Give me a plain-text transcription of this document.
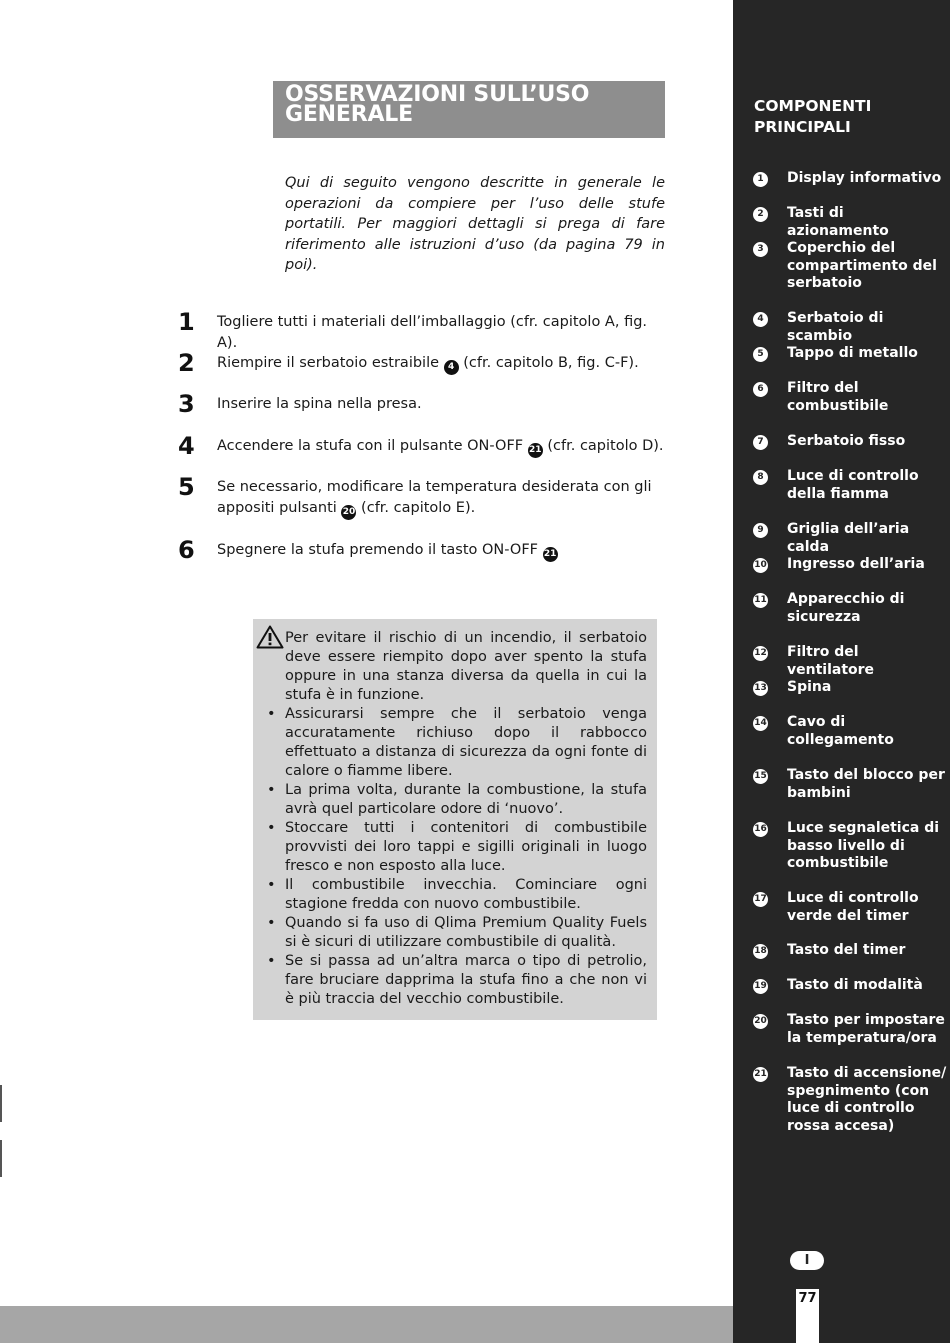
OSSERVAZIONI SULL’USO GENERALE
Qui di seguito vengono descritte in generale le operazioni da compiere per l’uso delle stufe portatili. Per maggiori dettagli si prega di fare riferimento alle istruzioni d’uso (da pagina 79 in poi).
1 Togliere tutti i materiali dell’imballaggio (cfr. capitolo A, fig. A).
2 Riempire il serbatoio estraibile 4 (cfr. capitolo B, fig. C-F).
3 Inserire la spina nella presa.
4 Accendere la stufa con il pulsante ON-OFF 21 (cfr. capitolo D).
5 Se necessario, modificare la temperatura desiderata con gli appositi pulsanti 20 (cfr. capitolo E).
6 Spegnere la stufa premendo il tasto ON-OFF 21

Per evitare il rischio di un incendio, il serbatoio deve essere riempito dopo aver spento la stufa oppure in una stanza diversa da quella in cui la stufa è in funzione.

• Assicurarsi sempre che il serbatoio venga accuratamente richiuso dopo il rabbocco effettuato a distanza di sicurezza da ogni fonte di calore o fiamme libere.
• La prima volta, durante la combustione, la stufa avrà quel particolare odore di ‘nuovo’.
• Stoccare tutti i contenitori di combustibile provvisti dei loro tappi e sigilli originali in luogo fresco e non esposto alla luce.
• Il combustibile invecchia. Cominciare ogni stagione fredda con nuovo combustibile.
• Quando si fa uso di Qlima Premium Quality Fuels si è sicuri di utilizzare combustibile di qualità.
• Se si passa ad un’altra marca o tipo di petrolio, fare bruciare dapprima la stufa fino a che non vi è più traccia del vecchio combustibile.
COMPONENTI
PRINCIPALI
1	Display informativo
2	Tasti di azionamento
3	Coperchio del compartimento del serbatoio
4	Serbatoio di scambio
5	Tappo di metallo
6	Filtro del combustibile
7	Serbatoio fisso
8	Luce di controllo della fiamma
9	Griglia dell’aria calda
10 Ingresso dell’aria
11 Apparecchio di sicurezza
12 Filtro del ventilatore
13 Spina
14 Cavo di collegamento
15 Tasto del blocco per bambini
16 Luce segnaletica di basso livello di combustibile
17 Luce di controllo verde del timer
18 Tasto del timer
19 Tasto di modalità
20 Tasto per impostare la temperatura/ora
21 Tasto di accensione/ spegnimento (con luce di controllo rossa accesa)
I
77
